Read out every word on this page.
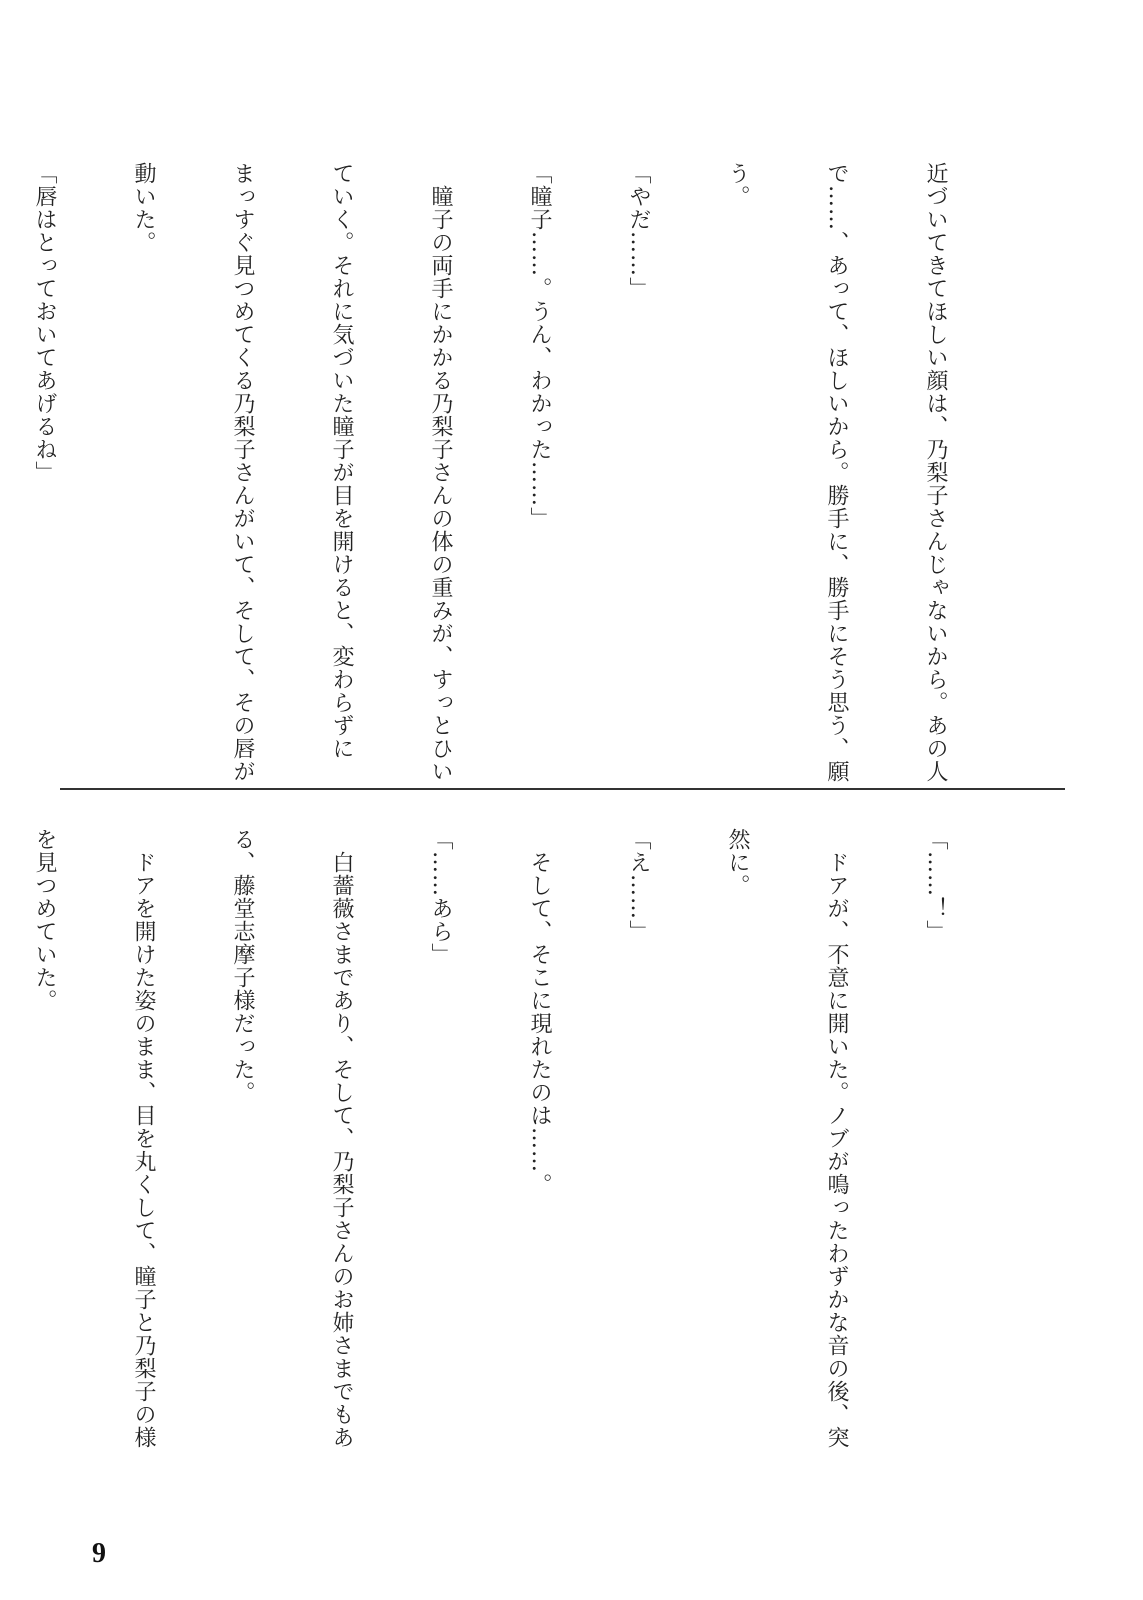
近づいてきてほしい顔は、乃梨子さんじゃないから。あの人

で……、あって、ほしいから。勝手に、勝手にそう思う、願

う。

「やだ……」

「瞳子……。うん、わかった……」

　瞳子の両手にかかる乃梨子さんの体の重みが、すっとひい

ていく。それに気づいた瞳子が目を開けると、変わらずに

まっすぐ見つめてくる乃梨子さんがいて、そして、その唇が

動いた。

「唇はとっておいてあげるね」

「……！」

　ドアが、不意に開いた。ノブが鳴ったわずかな音の後、突

然に。

「え……」

　そして、そこに現れたのは……。

「……あら」

　白薔薇さまであり、そして、乃梨子さんのお姉さまでもあ

る、藤堂志摩子様だった。

　ドアを開けた姿のまま、目を丸くして、瞳子と乃梨子の様

を見つめていた。

9
